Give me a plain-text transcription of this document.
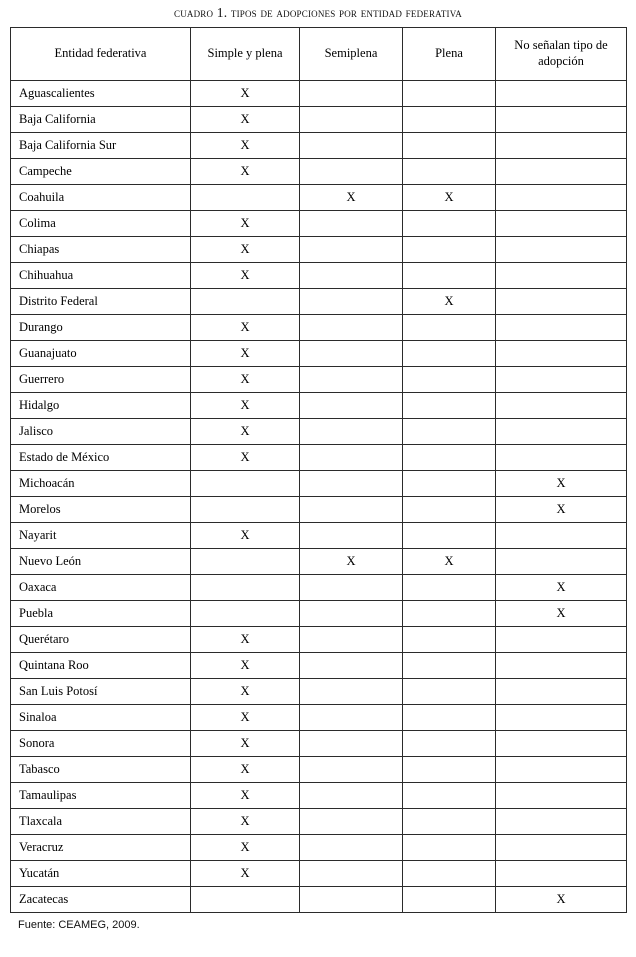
cuadro 1. tipos de adopciones por entidad federativa
Entidad federativa	Simple y plena	Semiplena	Plena	No señalan tipo de adopción
Aguascalientes	X			
Baja California	X			
Baja California Sur	X			
Campeche	X			
Coahuila		X	X	
Colima	X			
Chiapas	X			
Chihuahua	X			
Distrito Federal			X	
Durango	X			
Guanajuato	X			
Guerrero	X			
Hidalgo	X			
Jalisco	X			
Estado de México	X			
Michoacán				X
Morelos				X
Nayarit	X			
Nuevo León		X	X	
Oaxaca				X
Puebla				X
Querétaro	X			
Quintana Roo	X			
San Luis Potosí	X			
Sinaloa	X			
Sonora	X			
Tabasco	X			
Tamaulipas	X			
Tlaxcala	X			
Veracruz	X			
Yucatán	X			
Zacatecas				X
Fuente: CEAMEG, 2009.
